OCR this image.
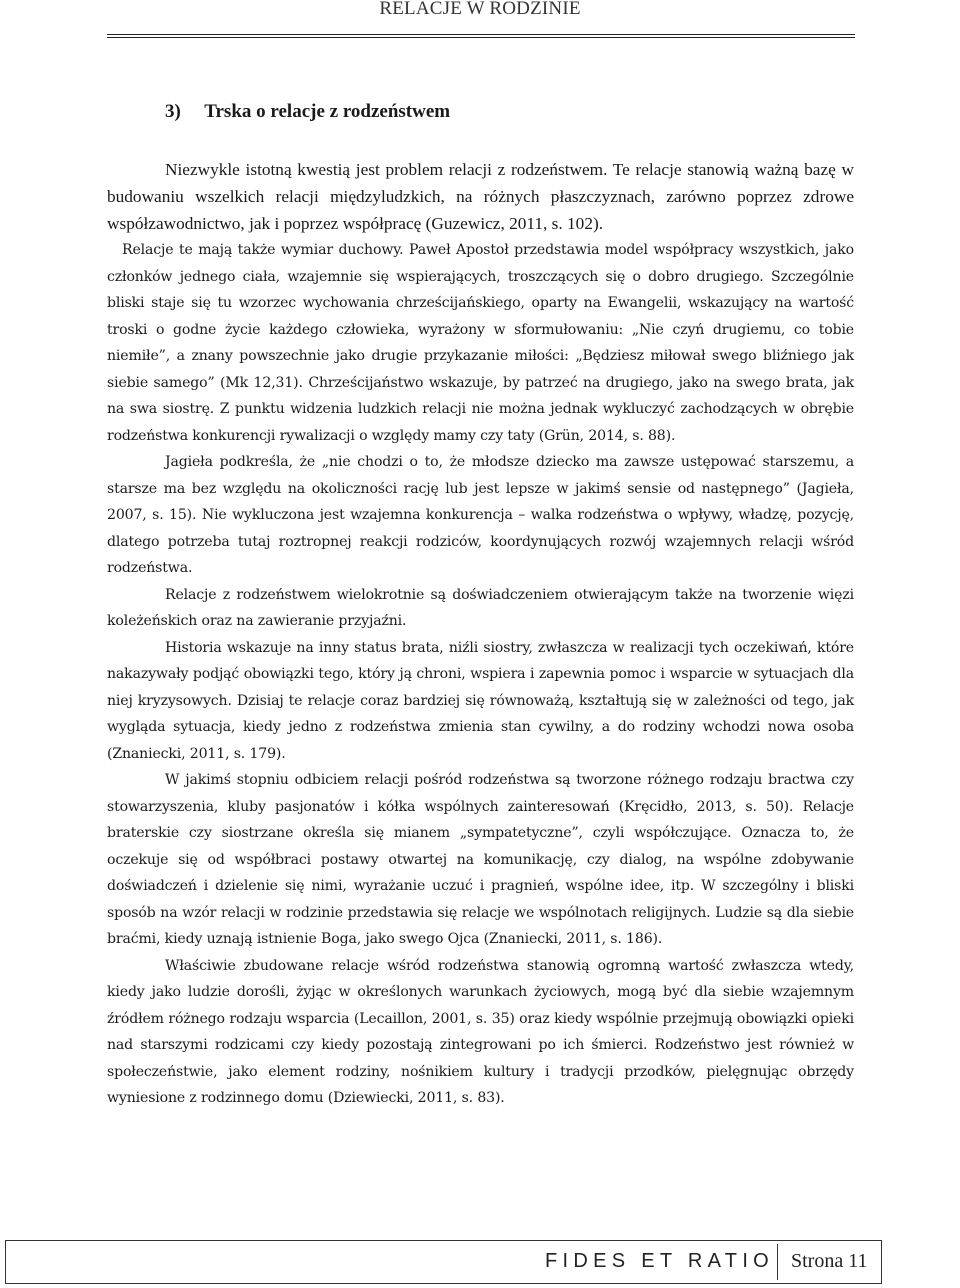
RELACJE W RODZINIE
3)     Trska o relacje z rodzeństwem

Niezwykle istotną kwestią jest problem relacji z rodzeństwem. Te relacje stanowią ważną bazę w budowaniu wszelkich relacji międzyludzkich, na różnych płaszczyznach, zarówno poprzez zdrowe współzawodnictwo, jak i poprzez współpracę (Guzewicz, 2011, s. 102).

Relacje te mają także wymiar duchowy. Paweł Apostoł przedstawia model współpracy wszystkich, jako członków jednego ciała, wzajemnie się wspierających, troszczących się o dobro drugiego. Szczególnie bliski staje się tu wzorzec wychowania chrześcijańskiego, oparty na Ewangelii, wskazujący na wartość troski o godne życie każdego człowieka, wyrażony w sformułowaniu: „Nie czyń drugiemu, co tobie niemiłe”, a znany powszechnie jako drugie przykazanie miłości: „Będziesz miłował swego bliźniego jak siebie samego” (Mk 12,31). Chrześcijaństwo wskazuje, by patrzeć na drugiego, jako na swego brata, jak na swa siostrę. Z punktu widzenia ludzkich relacji nie można jednak wykluczyć zachodzących w obrębie rodzeństwa konkurencji rywalizacji o względy mamy czy taty (Grün, 2014, s. 88).

Jagieła podkreśla, że „nie chodzi o to, że młodsze dziecko ma zawsze ustępować starszemu, a starsze ma bez względu na okoliczności rację lub jest lepsze w jakimś sensie od następnego” (Jagieła, 2007, s. 15). Nie wykluczona jest wzajemna konkurencja – walka rodzeństwa o wpływy, władzę, pozycję, dlatego potrzeba tutaj roztropnej reakcji rodziców, koordynujących rozwój wzajemnych relacji wśród rodzeństwa.

Relacje z rodzeństwem wielokrotnie są doświadczeniem otwierającym także na tworzenie więzi koleżeńskich oraz na zawieranie przyjaźni.

Historia wskazuje na inny status brata, niźli siostry, zwłaszcza w realizacji tych oczekiwań, które nakazywały podjąć obowiązki tego, który ją chroni, wspiera i zapewnia pomoc i wsparcie w sytuacjach dla niej kryzysowych. Dzisiaj te relacje coraz bardziej się równoważą, kształtują się w zależności od tego, jak wygląda sytuacja, kiedy jedno z rodzeństwa zmienia stan cywilny, a do rodziny wchodzi nowa osoba (Znaniecki, 2011, s. 179).

W jakimś stopniu odbiciem relacji pośród rodzeństwa są tworzone różnego rodzaju bractwa czy stowarzyszenia, kluby pasjonatów i kółka wspólnych zainteresowań (Kręcidło, 2013, s. 50). Relacje braterskie czy siostrzane określa się mianem „sympatetyczne”, czyli współczujące. Oznacza to, że oczekuje się od współbraci postawy otwartej na komunikację, czy dialog, na wspólne zdobywanie doświadczeń i dzielenie się nimi, wyrażanie uczuć i pragnień, wspólne idee, itp. W szczególny i bliski sposób na wzór relacji w rodzinie przedstawia się relacje we wspólnotach religijnych. Ludzie są dla siebie braćmi, kiedy uznają istnienie Boga, jako swego Ojca (Znaniecki, 2011, s. 186).

Właściwie zbudowane relacje wśród rodzeństwa stanowią ogromną wartość zwłaszcza wtedy, kiedy jako ludzie dorośli, żyjąc w określonych warunkach życiowych, mogą być dla siebie wzajemnym źródłem różnego rodzaju wsparcia (Lecaillon, 2001, s. 35) oraz kiedy wspólnie przejmują obowiązki opieki nad starszymi rodzicami czy kiedy pozostają zintegrowani po ich śmierci. Rodzeństwo jest również w społeczeństwie, jako element rodziny, nośnikiem kultury i tradycji przodków, pielęgnując obrzędy wyniesione z rodzinnego domu (Dziewiecki, 2011, s. 83).

FIDES ET RATIO Strona 11
